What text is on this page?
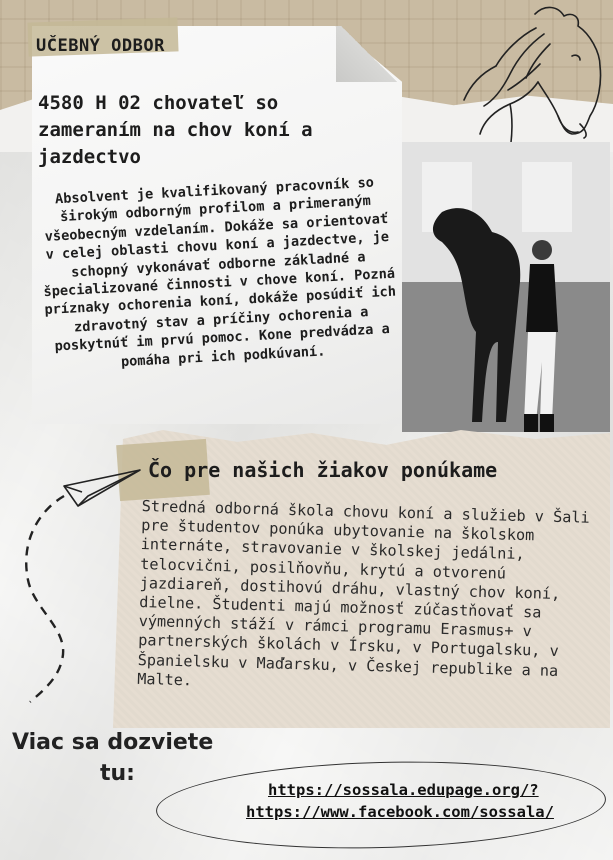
UČEBNÝ ODBOR
4580 H 02 chovateľ so zameraním na chov koní a jazdectvo
Absolvent je kvalifikovaný pracovník so širokým odborným profilom a primeraným všeobecným vzdelaním. Dokáže sa orientovať v celej oblasti chovu koní a jazdectve, je schopný vykonávať odborne základné a špecializované činnosti v chove koní. Pozná príznaky ochorenia koní, dokáže posúdiť ich zdravotný stav a príčiny ochorenia a poskytnúť im prvú pomoc. Kone predvádza a pomáha pri ich podkúvaní.
Čo pre našich žiakov ponúkame
Stredná odborná škola chovu koní a služieb v Šali pre študentov ponúka ubytovanie na školskom internáte, stravovanie v školskej jedálni, telocvični, posilňovňu, krytú a otvorenú jazdiareň, dostihovú dráhu, vlastný chov koní, dielne. Študenti majú možnosť zúčastňovať sa výmenných stáží v rámci programu Erasmus+ v partnerských školách v Írsku, v Portugalsku, v Španielsku v Maďarsku, v Českej republike a na Malte.
Viac sa dozviete
tu:
https://sossala.edupage.org/?
https://www.facebook.com/sossala/
